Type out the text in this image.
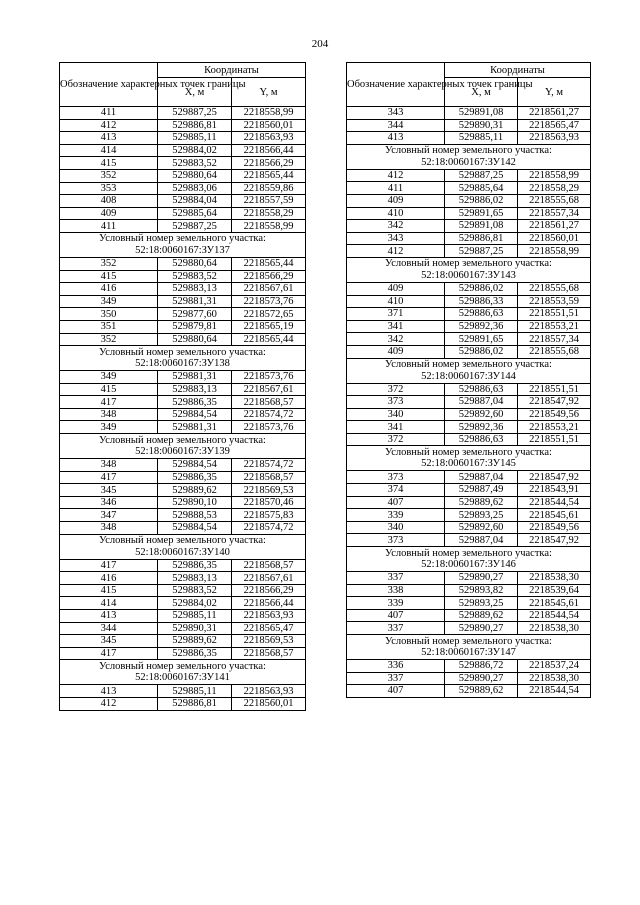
204
Обозначение характерных точек границы	Координаты	
	X, м	Y, м
411	529887,25	2218558,99
412	529886,81	2218560,01
413	529885,11	2218563,93
414	529884,02	2218566,44
415	529883,52	2218566,29
352	529880,64	2218565,44
353	529883,06	2218559,86
408	529884,04	2218557,59
409	529885,64	2218558,29
411	529887,25	2218558,99
Условный номер земельного участка: 52:18:0060167:ЗУ137		
352	529880,64	2218565,44
415	529883,52	2218566,29
416	529883,13	2218567,61
349	529881,31	2218573,76
350	529877,60	2218572,65
351	529879,81	2218565,19
352	529880,64	2218565,44
Условный номер земельного участка: 52:18:0060167:ЗУ138		
349	529881,31	2218573,76
415	529883,13	2218567,61
417	529886,35	2218568,57
348	529884,54	2218574,72
349	529881,31	2218573,76
Условный номер земельного участка: 52:18:0060167:ЗУ139		
348	529884,54	2218574,72
417	529886,35	2218568,57
345	529889,62	2218569,53
346	529890,10	2218570,46
347	529888,53	2218575,83
348	529884,54	2218574,72
Условный номер земельного участка: 52:18:0060167:ЗУ140		
417	529886,35	2218568,57
416	529883,13	2218567,61
415	529883,52	2218566,29
414	529884,02	2218566,44
413	529885,11	2218563,93
344	529890,31	2218565,47
345	529889,62	2218569,53
417	529886,35	2218568,57
Условный номер земельного участка: 52:18:0060167:ЗУ141		
413	529885,11	2218563,93
412	529886,81	2218560,01
Обозначение характерных точек границы	Координаты	
	X, м	Y, м
343	529891,08	2218561,27
344	529890,31	2218565,47
413	529885,11	2218563,93
Условный номер земельного участка: 52:18:0060167:ЗУ142		
412	529887,25	2218558,99
411	529885,64	2218558,29
409	529886,02	2218555,68
410	529891,65	2218557,34
342	529891,08	2218561,27
343	529886,81	2218560,01
412	529887,25	2218558,99
Условный номер земельного участка: 52:18:0060167:ЗУ143		
409	529886,02	2218555,68
410	529886,33	2218553,59
371	529886,63	2218551,51
341	529892,36	2218553,21
342	529891,65	2218557,34
409	529886,02	2218555,68
Условный номер земельного участка: 52:18:0060167:ЗУ144		
372	529886,63	2218551,51
373	529887,04	2218547,92
340	529892,60	2218549,56
341	529892,36	2218553,21
372	529886,63	2218551,51
Условный номер земельного участка: 52:18:0060167:ЗУ145		
373	529887,04	2218547,92
374	529887,49	2218543,91
407	529889,62	2218544,54
339	529893,25	2218545,61
340	529892,60	2218549,56
373	529887,04	2218547,92
Условный номер земельного участка: 52:18:0060167:ЗУ146		
337	529890,27	2218538,30
338	529893,82	2218539,64
339	529893,25	2218545,61
407	529889,62	2218544,54
337	529890,27	2218538,30
Условный номер земельного участка: 52:18:0060167:ЗУ147		
336	529886,72	2218537,24
337	529890,27	2218538,30
407	529889,62	2218544,54
